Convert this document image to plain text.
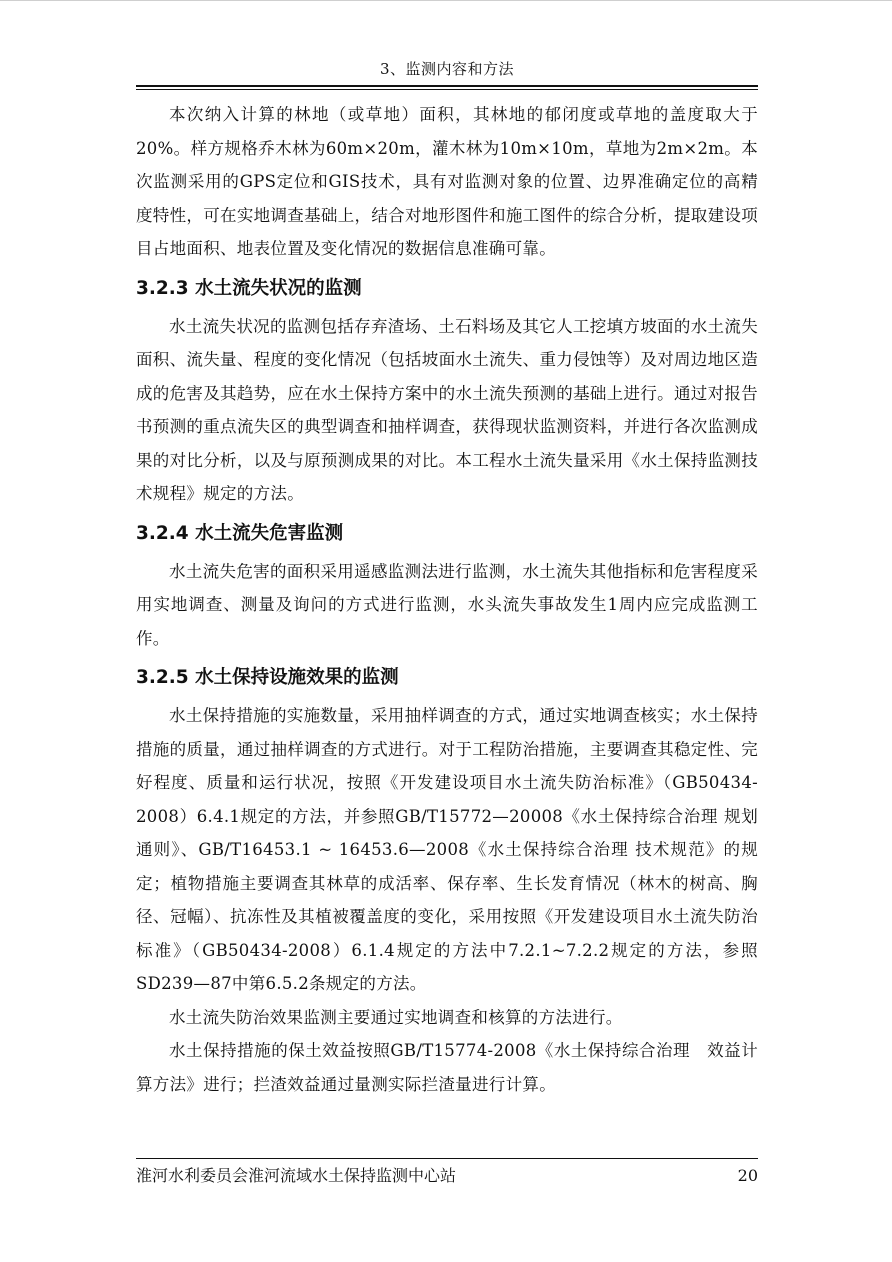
3、监测内容和方法

本次纳入计算的林地（或草地）面积，其林地的郁闭度或草地的盖度取大于20%。样方规格乔木林为60m×20m，灌木林为10m×10m，草地为2m×2m。本次监测采用的GPS定位和GIS技术，具有对监测对象的位置、边界准确定位的高精度特性，可在实地调查基础上，结合对地形图件和施工图件的综合分析，提取建设项目占地面积、地表位置及变化情况的数据信息准确可靠。

3.2.3 水土流失状况的监测

水土流失状况的监测包括存弃渣场、土石料场及其它人工挖填方坡面的水土流失面积、流失量、程度的变化情况（包括坡面水土流失、重力侵蚀等）及对周边地区造成的危害及其趋势，应在水土保持方案中的水土流失预测的基础上进行。通过对报告书预测的重点流失区的典型调查和抽样调查，获得现状监测资料，并进行各次监测成果的对比分析，以及与原预测成果的对比。本工程水土流失量采用《水土保持监测技术规程》规定的方法。

3.2.4 水土流失危害监测

水土流失危害的面积采用遥感监测法进行监测，水土流失其他指标和危害程度采用实地调查、测量及询问的方式进行监测，水头流失事故发生1周内应完成监测工作。

3.2.5 水土保持设施效果的监测

水土保持措施的实施数量，采用抽样调查的方式，通过实地调查核实；水土保持措施的质量，通过抽样调查的方式进行。对于工程防治措施，主要调查其稳定性、完好程度、质量和运行状况，按照《开发建设项目水土流失防治标准》（GB50434-2008）6.4.1规定的方法，并参照GB/T15772—20008《水土保持综合治理 规划通则》、GB/T16453.1 ~ 16453.6—2008《水土保持综合治理 技术规范》的规定；植物措施主要调查其林草的成活率、保存率、生长发育情况（林木的树高、胸径、冠幅）、抗冻性及其植被覆盖度的变化，采用按照《开发建设项目水土流失防治标准》（GB50434-2008）6.1.4规定的方法中7.2.1~7.2.2规定的方法，参照SD239—87中第6.5.2条规定的方法。

水土流失防治效果监测主要通过实地调查和核算的方法进行。

水土保持措施的保土效益按照GB/T15774-2008《水土保持综合治理　效益计算方法》进行；拦渣效益通过量测实际拦渣量进行计算。

淮河水利委员会淮河流域水土保持监测中心站	20
